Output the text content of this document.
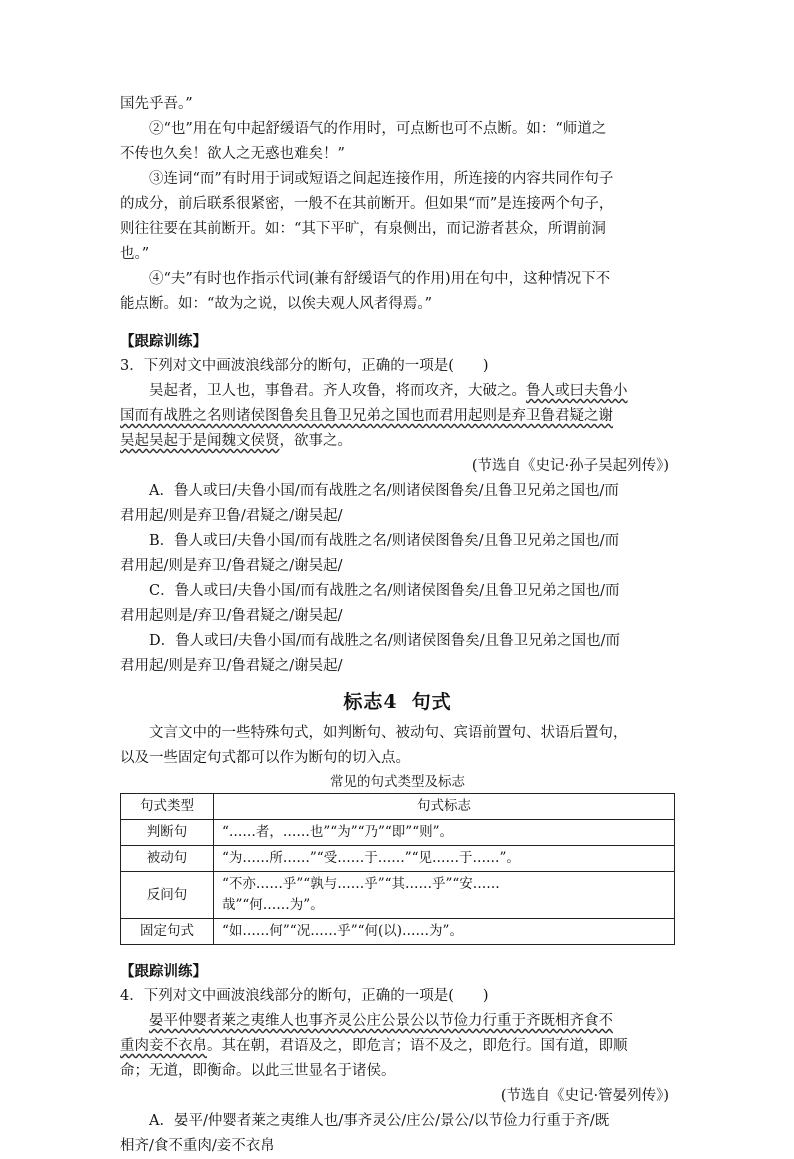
国先乎吾。”

②“也”用在句中起舒缓语气的作用时，可点断也可不点断。如：“师道之

不传也久矣！欲人之无惑也难矣！”

③连词“而”有时用于词或短语之间起连接作用，所连接的内容共同作句子

的成分，前后联系很紧密，一般不在其前断开。但如果“而”是连接两个句子，

则往往要在其前断开。如：“其下平旷，有泉侧出，而记游者甚众，所谓前洞

也。”

④“夫”有时也作指示代词(兼有舒缓语气的作用)用在句中，这种情况下不

能点断。如：“故为之说，以俟夫观人风者得焉。”

【跟踪训练】

3．下列对文中画波浪线部分的断句，正确的一项是(　　)

吴起者，卫人也，事鲁君。齐人攻鲁，将而攻齐，大破之。鲁人或曰夫鲁小

国而有战胜之名则诸侯图鲁矣且鲁卫兄弟之国也而君用起则是弃卫鲁君疑之谢

吴起吴起于是闻魏文侯贤，欲事之。

(节选自《史记·孙子吴起列传》)

A．鲁人或曰/夫鲁小国/而有战胜之名/则诸侯图鲁矣/且鲁卫兄弟之国也/而

君用起/则是弃卫鲁/君疑之/谢吴起/

B．鲁人或曰/夫鲁小国/而有战胜之名/则诸侯图鲁矣/且鲁卫兄弟之国也/而

君用起/则是弃卫/鲁君疑之/谢吴起/

C．鲁人或曰/夫鲁小国/而有战胜之名/则诸侯图鲁矣/且鲁卫兄弟之国也/而

君用起则是/弃卫/鲁君疑之/谢吴起/

D．鲁人或曰/夫鲁小国/而有战胜之名/则诸侯图鲁矣/且鲁卫兄弟之国也/而

君用起/则是弃卫/鲁君疑之/谢吴起/

标志4 句式

文言文中的一些特殊句式，如判断句、被动句、宾语前置句、状语后置句，

以及一些固定句式都可以作为断句的切入点。

常见的句式类型及标志
句式类型	句式标志
判断句	“……者，……也”“为”“乃”“即”“则”。
被动句	“为……所……”“受……于……”“见……于……”。
反问句	“不亦……乎”“孰与……乎”“其……乎”“安……
哉”“何……为”。

固定句式	“如……何”“况……乎”“何(以)……为”。

【跟踪训练】

4．下列对文中画波浪线部分的断句，正确的一项是(　　)

晏平仲婴者莱之夷维人也事齐灵公庄公景公以节俭力行重于齐既相齐食不

重肉妾不衣帛。其在朝，君语及之，即危言；语不及之，即危行。国有道，即顺

命；无道，即衡命。以此三世显名于诸侯。

(节选自《史记·管晏列传》)

A．晏平/仲婴者莱之夷维人也/事齐灵公/庄公/景公/以节俭力行重于齐/既

相齐/食不重肉/妾不衣帛
